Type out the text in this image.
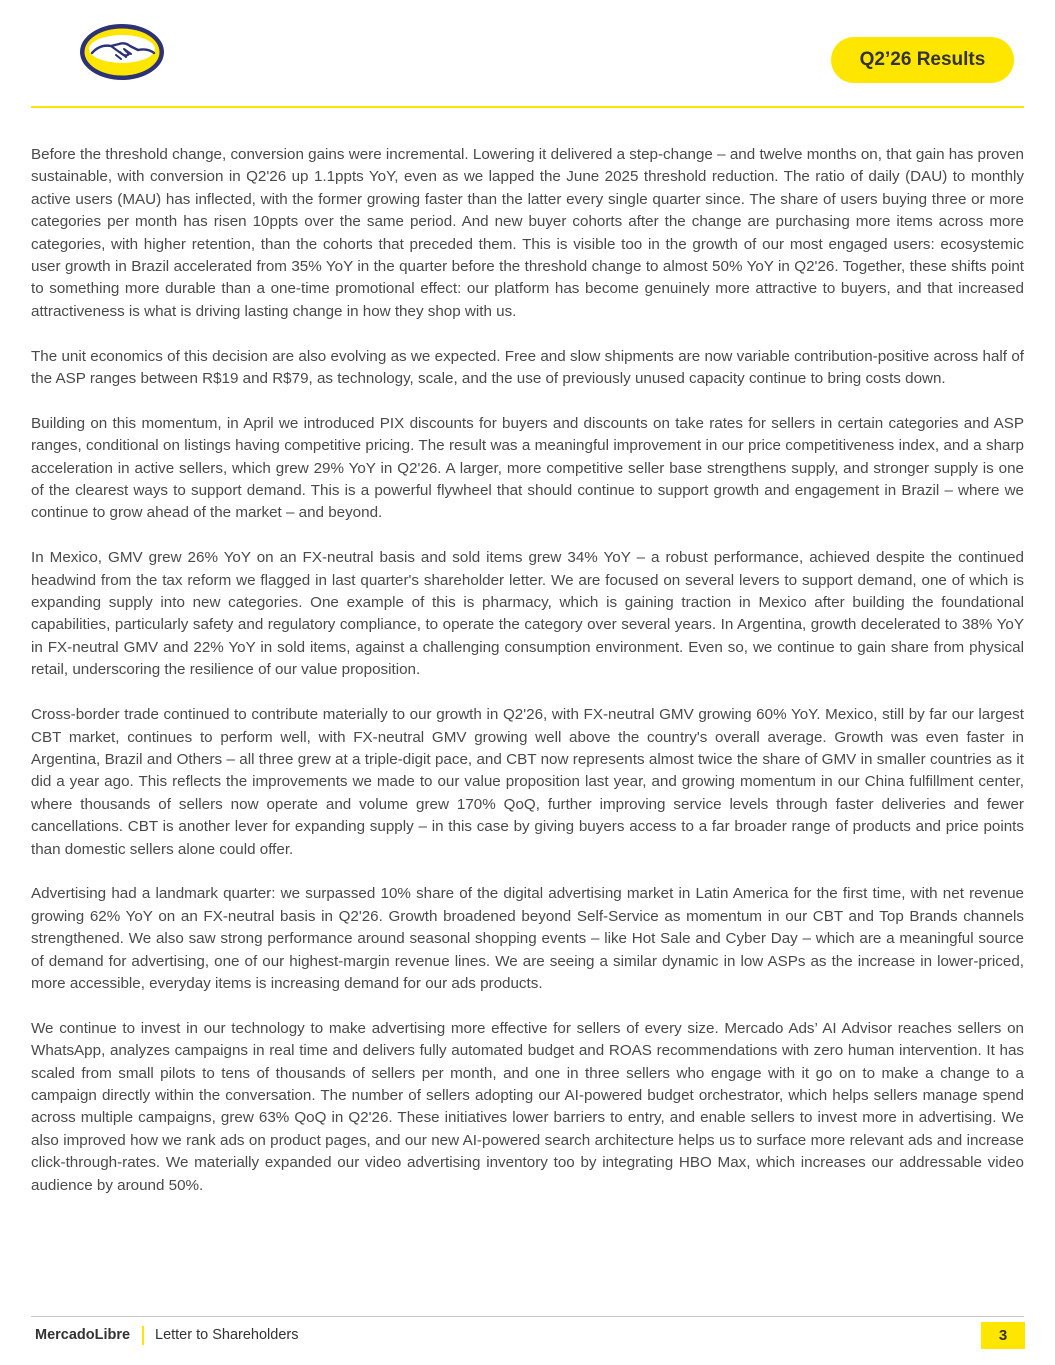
Q2’26 Results

Before the threshold change, conversion gains were incremental. Lowering it delivered a step-change – and twelve months on, that gain has proven sustainable, with conversion in Q2'26 up 1.1ppts YoY, even as we lapped the June 2025 threshold reduction. The ratio of daily (DAU) to monthly active users (MAU) has inflected, with the former growing faster than the latter every single quarter since. The share of users buying three or more categories per month has risen 10ppts over the same period. And new buyer cohorts after the change are purchasing more items across more categories, with higher retention, than the cohorts that preceded them. This is visible too in the growth of our most engaged users: ecosystemic user growth in Brazil accelerated from 35% YoY in the quarter before the threshold change to almost 50% YoY in Q2'26. Together, these shifts point to something more durable than a one-time promotional effect: our platform has become genuinely more attractive to buyers, and that increased attractiveness is what is driving lasting change in how they shop with us.

The unit economics of this decision are also evolving as we expected. Free and slow shipments are now variable contribution-positive across half of the ASP ranges between R$19 and R$79, as technology, scale, and the use of previously unused capacity continue to bring costs down.

Building on this momentum, in April we introduced PIX discounts for buyers and discounts on take rates for sellers in certain categories and ASP ranges, conditional on listings having competitive pricing. The result was a meaningful improvement in our price competitiveness index, and a sharp acceleration in active sellers, which grew 29% YoY in Q2'26. A larger, more competitive seller base strengthens supply, and stronger supply is one of the clearest ways to support demand. This is a powerful flywheel that should continue to support growth and engagement in Brazil – where we continue to grow ahead of the market – and beyond.

In Mexico, GMV grew 26% YoY on an FX-neutral basis and sold items grew 34% YoY – a robust performance, achieved despite the continued headwind from the tax reform we flagged in last quarter's shareholder letter. We are focused on several levers to support demand, one of which is expanding supply into new categories. One example of this is pharmacy, which is gaining traction in Mexico after building the foundational capabilities, particularly safety and regulatory compliance, to operate the category over several years. In Argentina, growth decelerated to 38% YoY in FX-neutral GMV and 22% YoY in sold items, against a challenging consumption environment. Even so, we continue to gain share from physical retail, underscoring the resilience of our value proposition.

Cross-border trade continued to contribute materially to our growth in Q2'26, with FX-neutral GMV growing 60% YoY. Mexico, still by far our largest CBT market, continues to perform well, with FX-neutral GMV growing well above the country's overall average. Growth was even faster in Argentina, Brazil and Others – all three grew at a triple-digit pace, and CBT now represents almost twice the share of GMV in smaller countries as it did a year ago. This reflects the improvements we made to our value proposition last year, and growing momentum in our China fulfillment center, where thousands of sellers now operate and volume grew 170% QoQ, further improving service levels through faster deliveries and fewer cancellations. CBT is another lever for expanding supply – in this case by giving buyers access to a far broader range of products and price points than domestic sellers alone could offer.

Advertising had a landmark quarter: we surpassed 10% share of the digital advertising market in Latin America for the first time, with net revenue growing 62% YoY on an FX-neutral basis in Q2'26. Growth broadened beyond Self-Service as momentum in our CBT and Top Brands channels strengthened. We also saw strong performance around seasonal shopping events – like Hot Sale and Cyber Day – which are a meaningful source of demand for advertising, one of our highest-margin revenue lines. We are seeing a similar dynamic in low ASPs as the increase in lower-priced, more accessible, everyday items is increasing demand for our ads products.

We continue to invest in our technology to make advertising more effective for sellers of every size. Mercado Ads’ AI Advisor reaches sellers on WhatsApp, analyzes campaigns in real time and delivers fully automated budget and ROAS recommendations with zero human intervention. It has scaled from small pilots to tens of thousands of sellers per month, and one in three sellers who engage with it go on to make a change to a campaign directly within the conversation. The number of sellers adopting our AI-powered budget orchestrator, which helps sellers manage spend across multiple campaigns, grew 63% QoQ in Q2'26. These initiatives lower barriers to entry, and enable sellers to invest more in advertising. We also improved how we rank ads on product pages, and our new AI-powered search architecture helps us to surface more relevant ads and increase click-through-rates. We materially expanded our video advertising inventory too by integrating HBO Max, which increases our addressable video audience by around 50%.

MercadoLibre Letter to Shareholders	3
